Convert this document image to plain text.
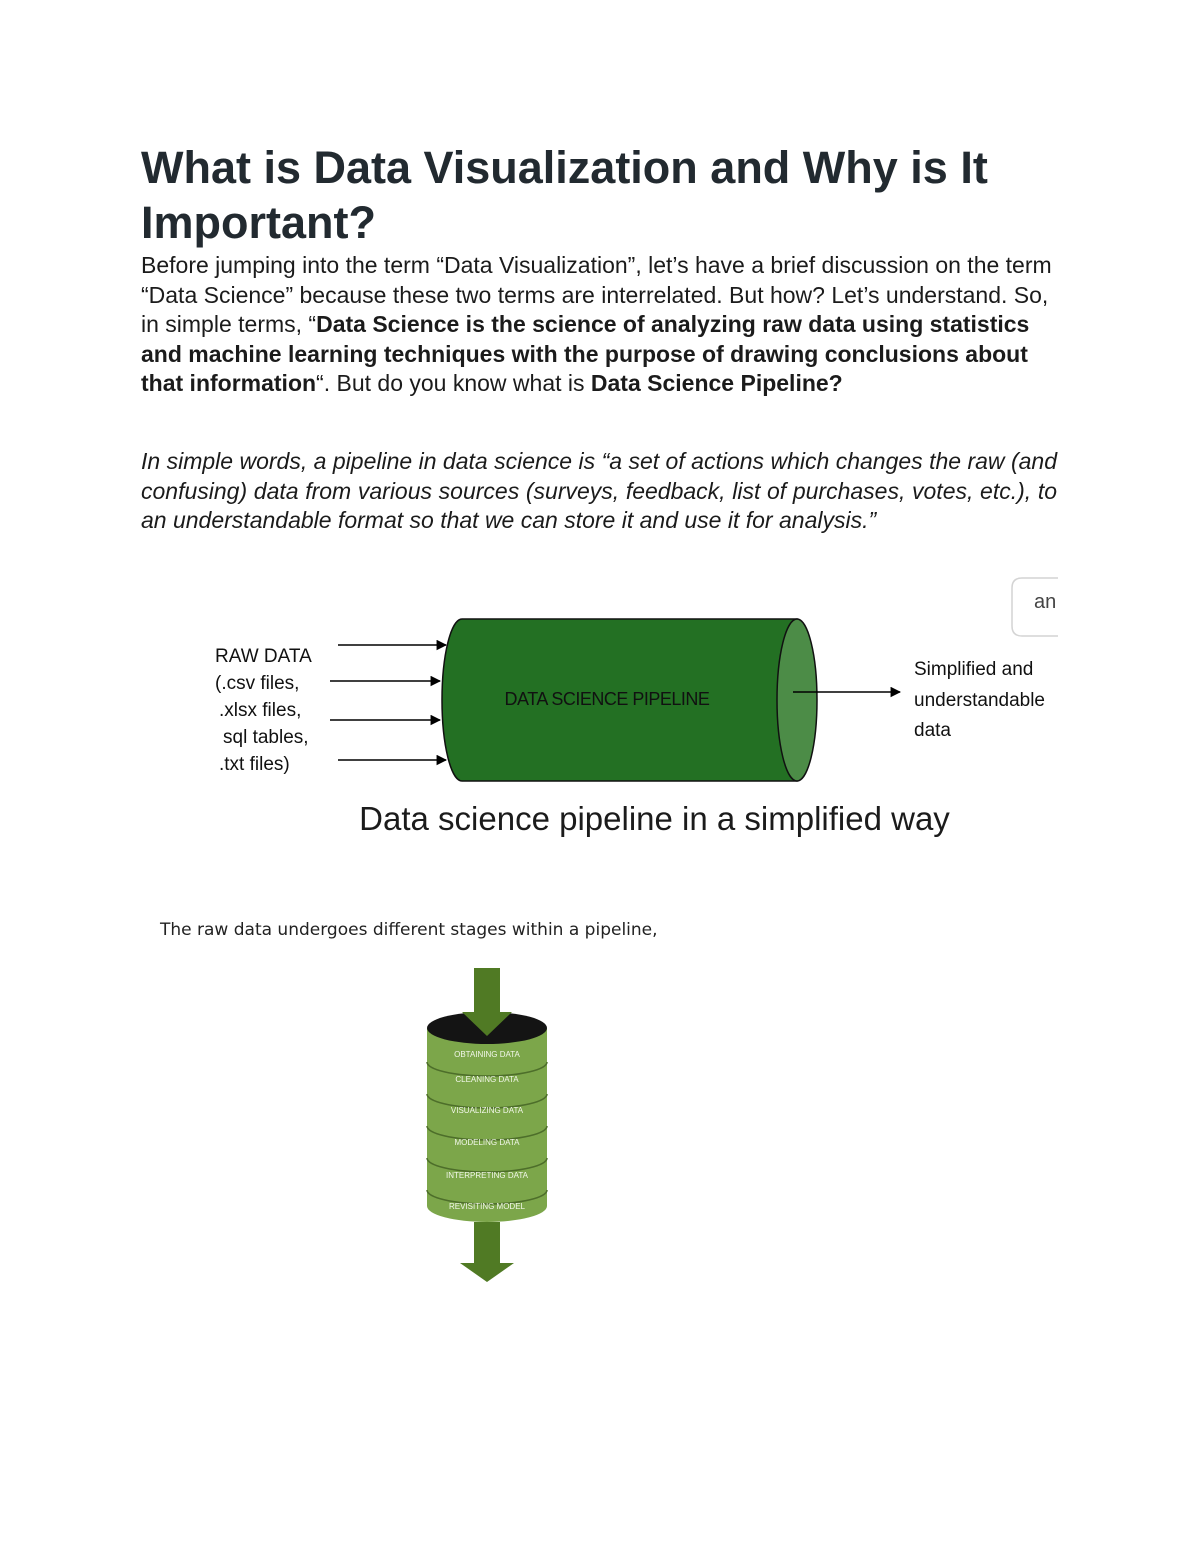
What is Data Visualization and Why is It Important?

Before jumping into the term “Data Visualization”, let’s have a brief discussion on the term “Data Science” because these two terms are interrelated. But how? Let’s understand. So, in simple terms, “Data Science is the science of analyzing raw data using statistics and machine learning techniques with the purpose of drawing conclusions about that information“. But do you know what is Data Science Pipeline?

In simple words, a pipeline in data science is “a set of actions which changes the raw (and confusing) data from various sources (surveys, feedback, list of purchases, votes, etc.), to an understandable format so that we can store it and use it for analysis.”

an
RAW DATA
(.csv files,
.xlsx files,
sql tables,
.txt files)
DATA SCIENCE PIPELINE
Simplified and
understandable
data
Data science pipeline in a simplified way
The raw data undergoes different stages within a pipeline,
OBTAINING DATA
CLEANING DATA
VISUALIZING DATA
MODELING DATA
INTERPRETING DATA
REVISITING MODEL
